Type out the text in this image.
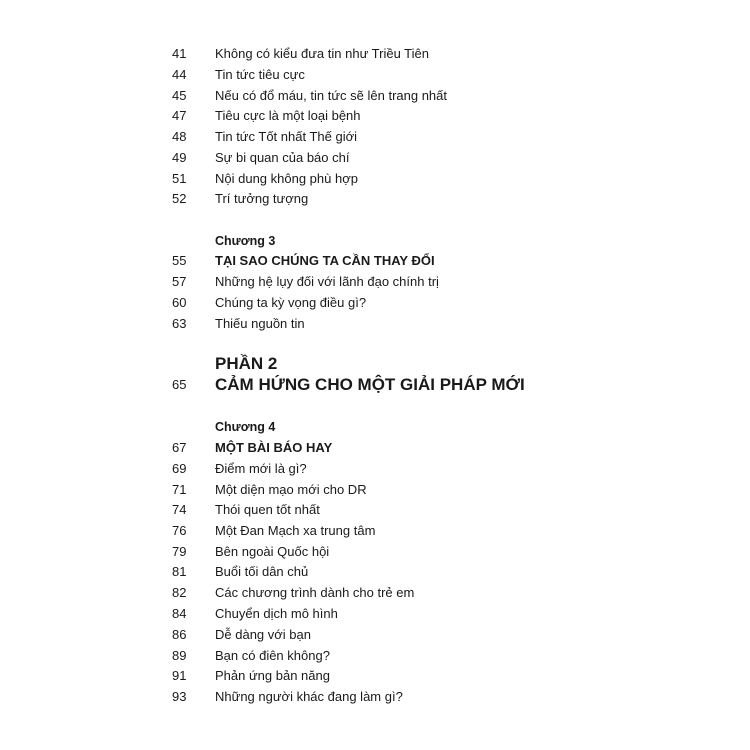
41	Không có kiểu đưa tin như Triều Tiên
44	Tin tức tiêu cực
45	Nếu có đổ máu, tin tức sẽ lên trang nhất
47	Tiêu cực là một loại bệnh
48	Tin tức Tốt nhất Thế giới
49	Sự bi quan của báo chí
51	Nội dung không phù hợp
52	Trí tưởng tượng
Chương 3
55	TẠI SAO CHÚNG TA CẦN THAY ĐỔI
57	Những hệ lụy đối với lãnh đạo chính trị
60	Chúng ta kỳ vọng điều gì?
63	Thiếu nguồn tin
PHẦN 2
65	CẢM HỨNG CHO MỘT GIẢI PHÁP MỚI
Chương 4
67	MỘT BÀI BÁO HAY
69	Điểm mới là gì?
71	Một diện mạo mới cho DR
74	Thói quen tốt nhất
76	Một Đan Mạch xa trung tâm
79	Bên ngoài Quốc hội
81	Buổi tối dân chủ
82	Các chương trình dành cho trẻ em
84	Chuyển dịch mô hình
86	Dễ dàng với bạn
89	Bạn có điên không?
91	Phản ứng bản năng
93	Những người khác đang làm gì?
